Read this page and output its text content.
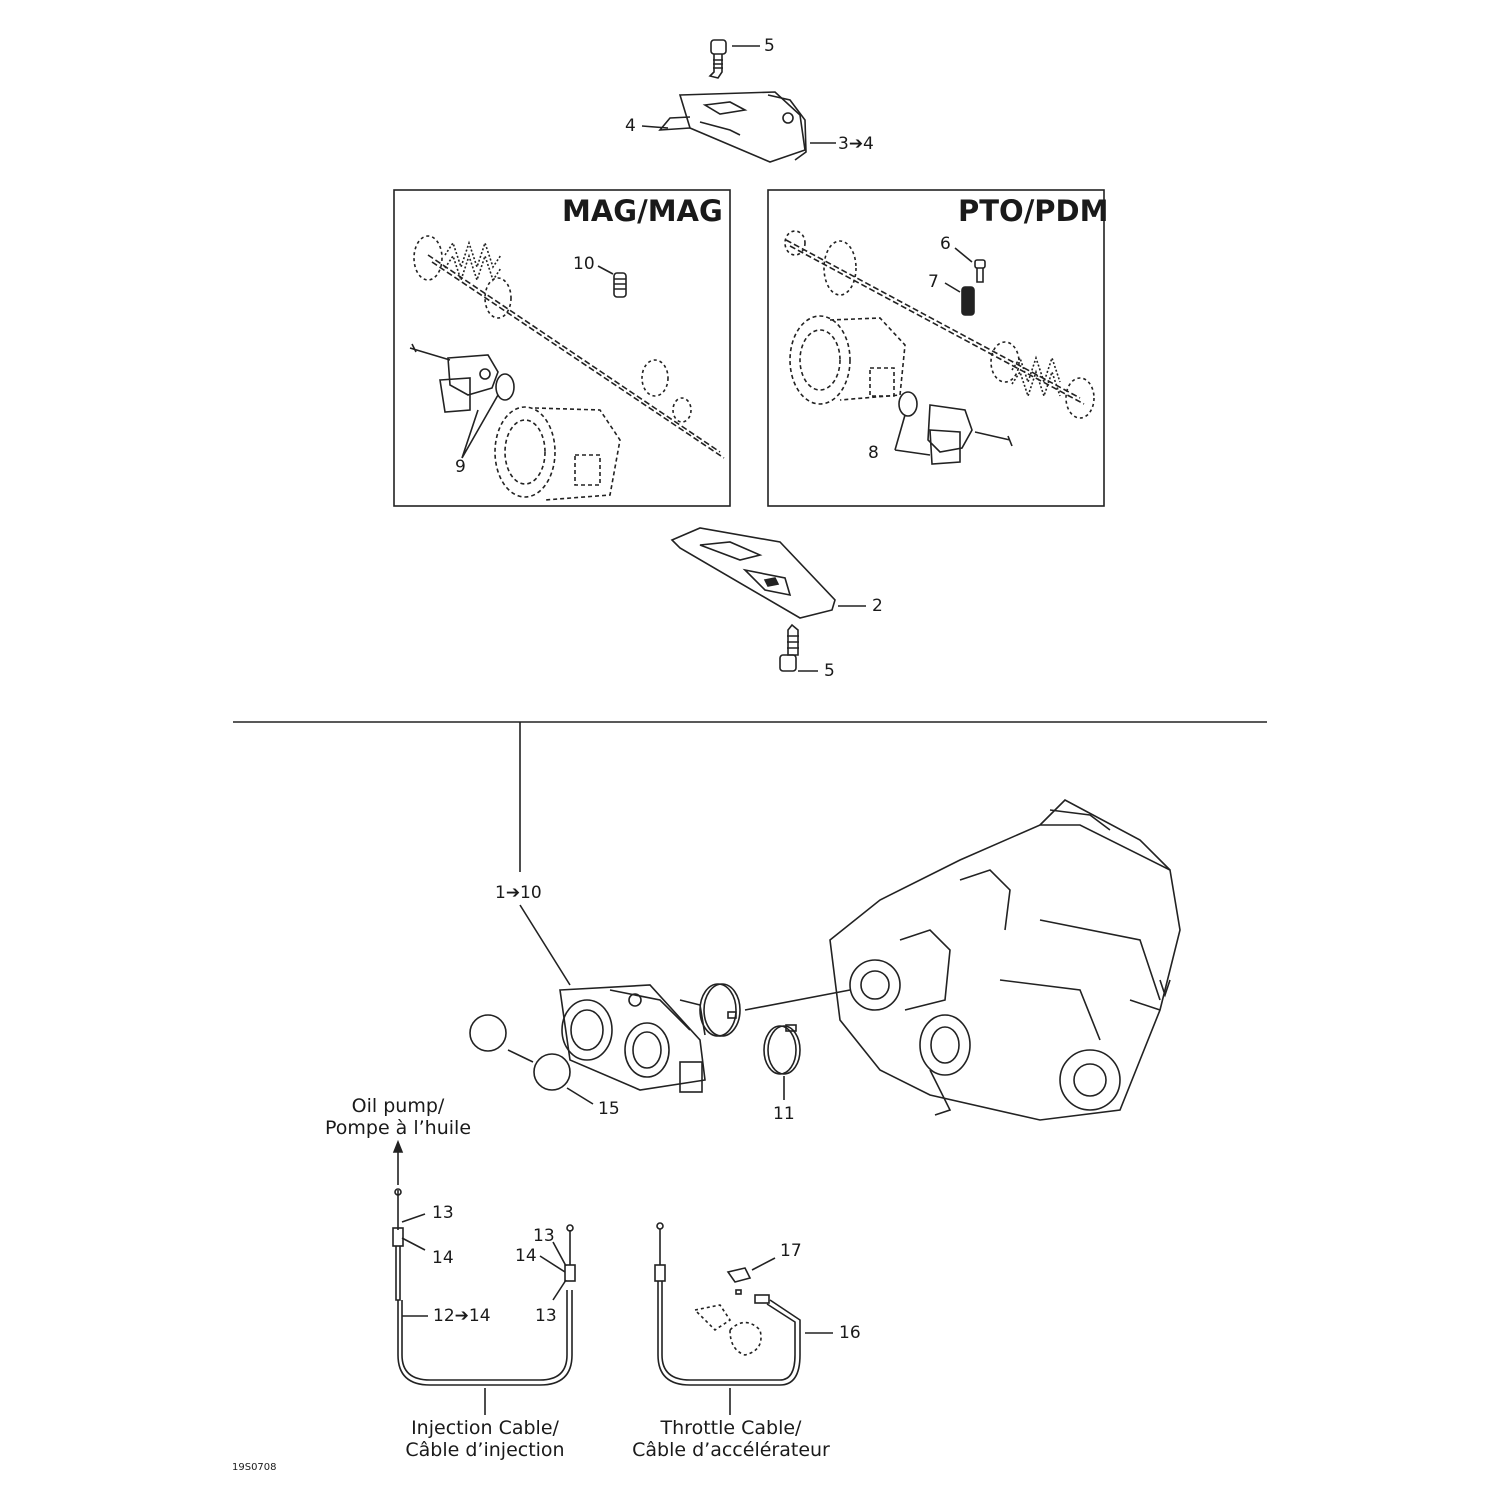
MAG/MAG	PTO/PDM
5
4
3➔4
10
9
6
7
8
2
5
1➔10
15	11
13
14
12➔14
13
14
13
17
16
Oil pump/
Pompe à l’huile
Injection Cable/
Câble d’injection
Throttle Cable/
Câble d’accélérateur
19S0708
